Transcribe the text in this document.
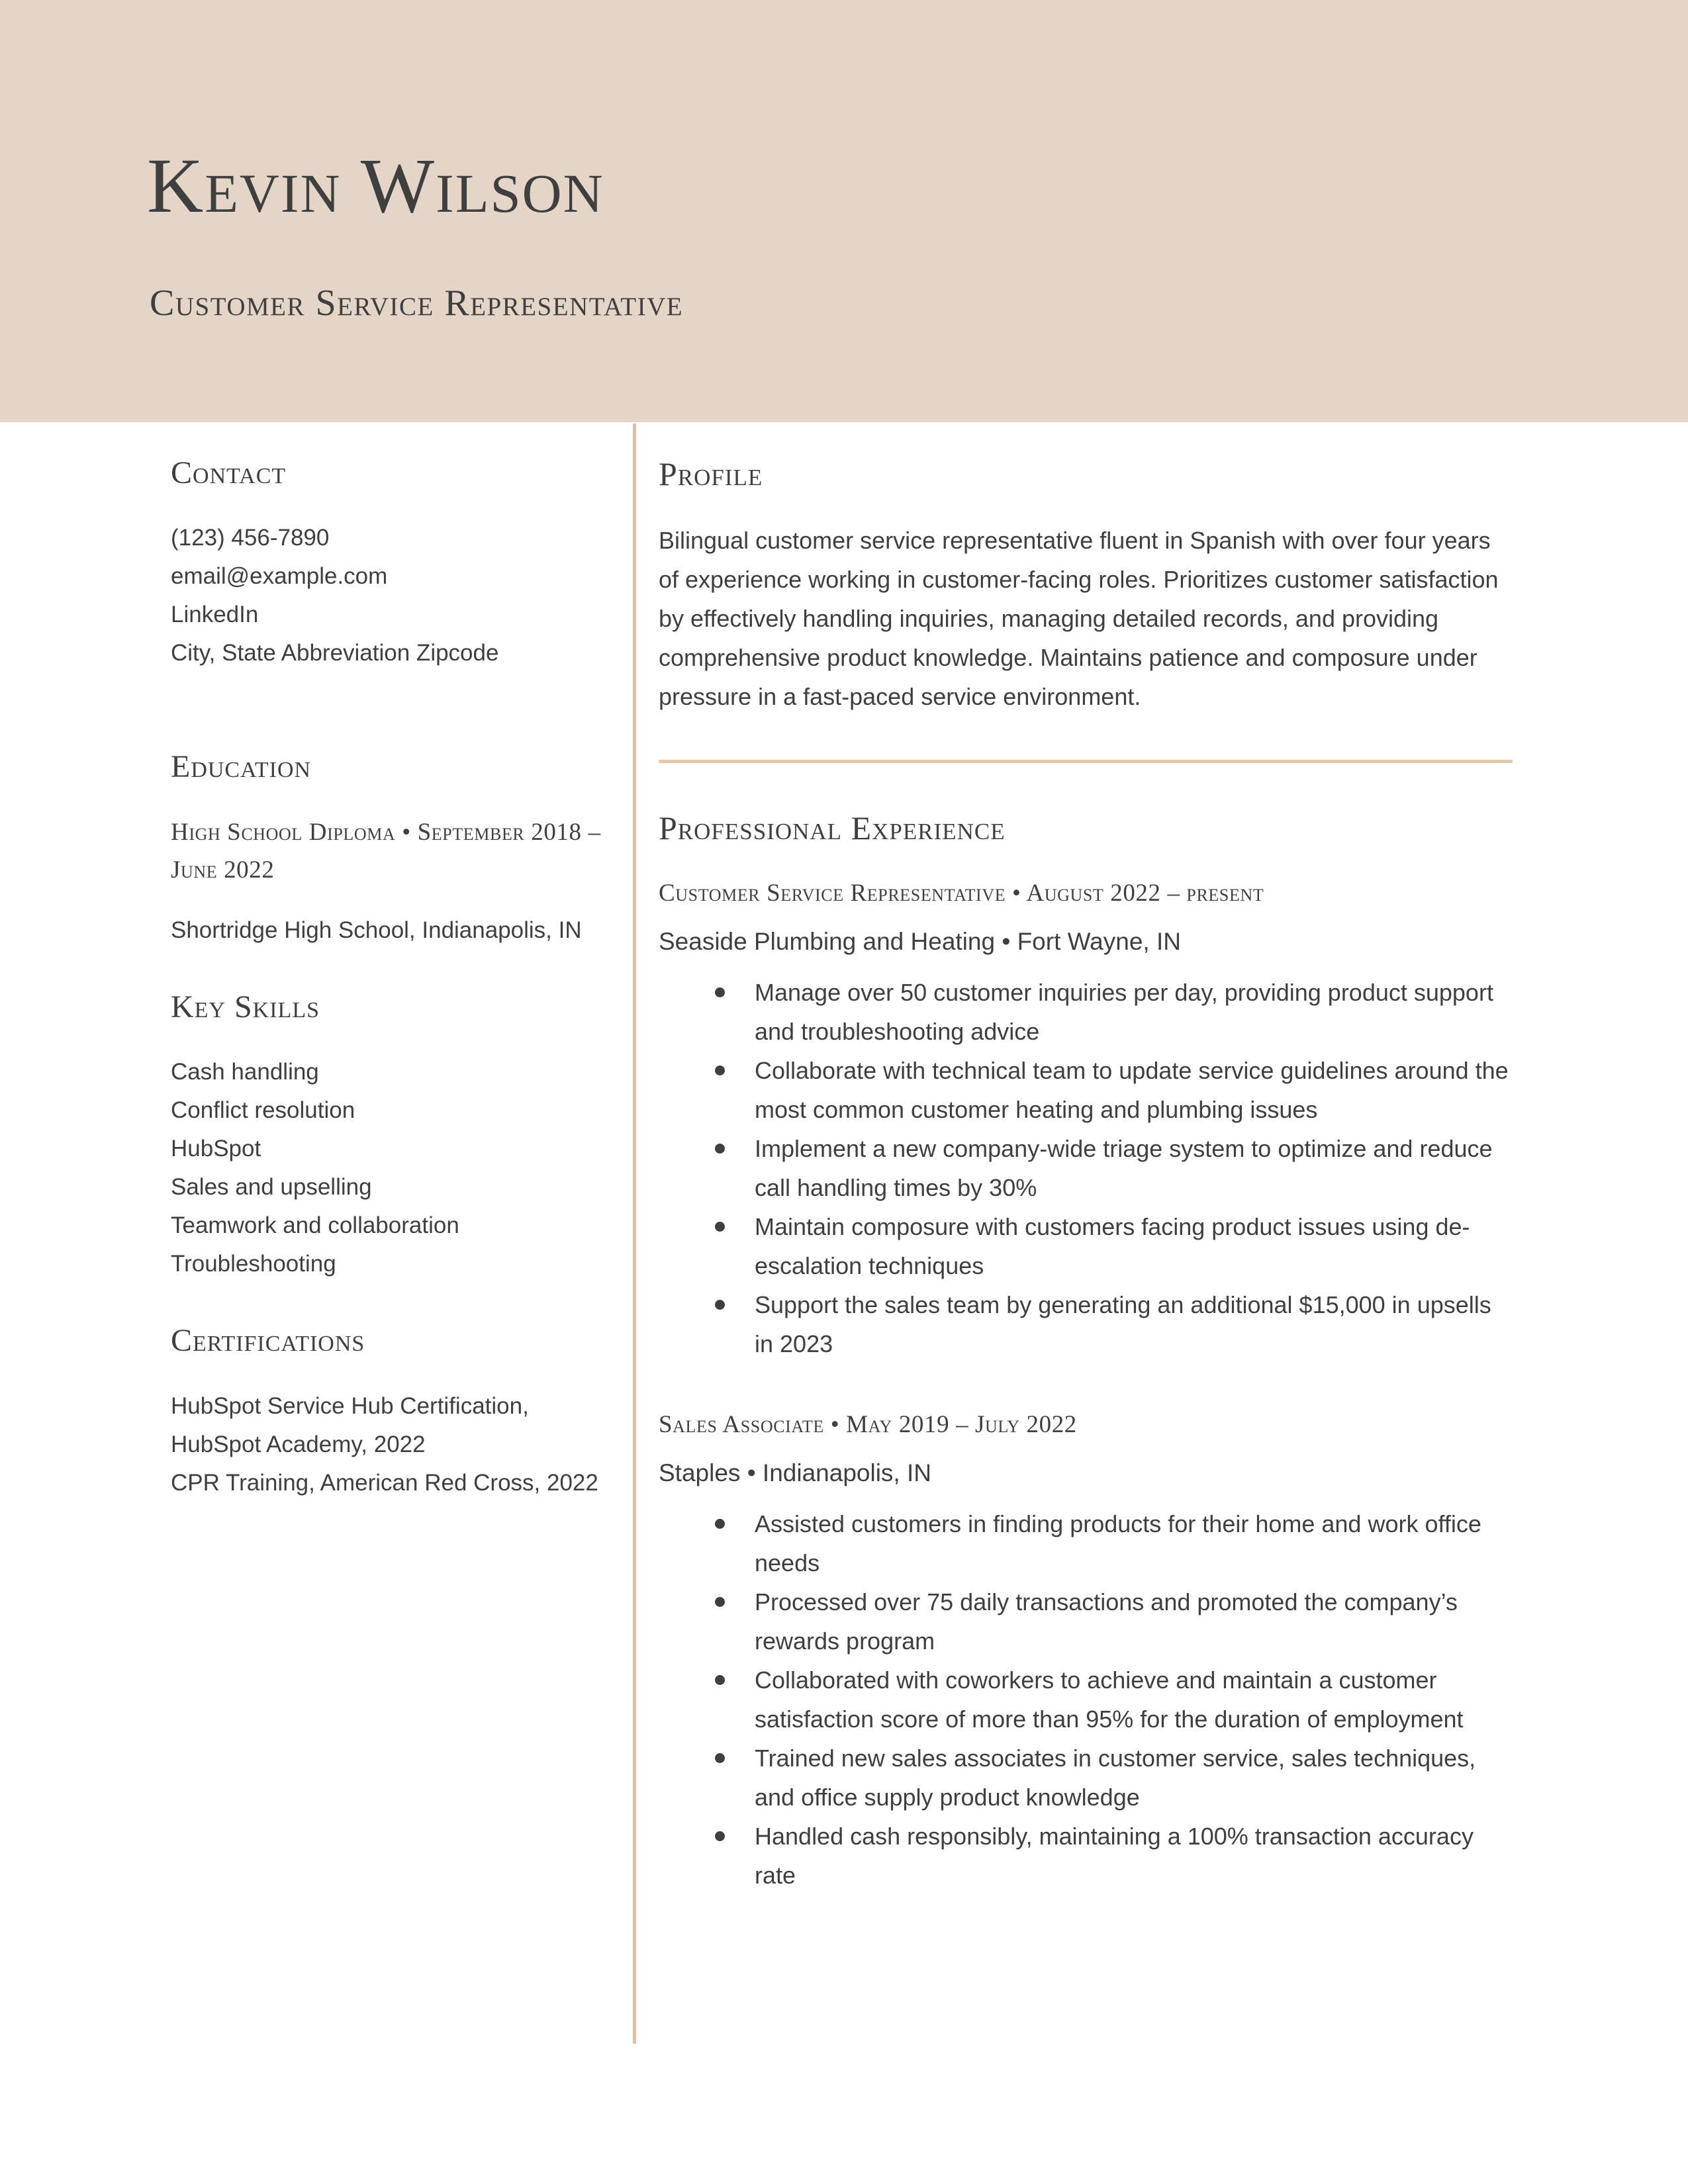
Kevin Wilson
Customer Service Representative
Contact
(123) 456-7890
email@example.com
LinkedIn
City, State Abbreviation Zipcode
Education

High School Diploma • September 2018 – June 2022

Shortridge High School, Indianapolis, IN

Key Skills
Cash handling
Conflict resolution
HubSpot
Sales and upselling
Teamwork and collaboration
Troubleshooting
Certifications

HubSpot Service Hub Certification, HubSpot Academy, 2022

CPR Training, American Red Cross, 2022

Profile

Bilingual customer service representative fluent in Spanish with over four years of experience working in customer-facing roles. Prioritizes customer satisfaction by effectively handling inquiries, managing detailed records, and providing comprehensive product knowledge. Maintains patience and composure under pressure in a fast-paced service environment.

Professional Experience

Customer Service Representative • August 2022 – present

Seaside Plumbing and Heating • Fort Wayne, IN

Manage over 50 customer inquiries per day, providing product support and troubleshooting advice
Collaborate with technical team to update service guidelines around the most common customer heating and plumbing issues
Implement a new company-wide triage system to optimize and reduce call handling times by 30%
Maintain composure with customers facing product issues using de-escalation techniques
Support the sales team by generating an additional $15,000 in upsells in 2023

Sales Associate • May 2019 – July 2022

Staples • Indianapolis, IN

Assisted customers in finding products for their home and work office needs
Processed over 75 daily transactions and promoted the company’s rewards program
Collaborated with coworkers to achieve and maintain a customer satisfaction score of more than 95% for the duration of employment
Trained new sales associates in customer service, sales techniques, and office supply product knowledge
Handled cash responsibly, maintaining a 100% transaction accuracy rate
